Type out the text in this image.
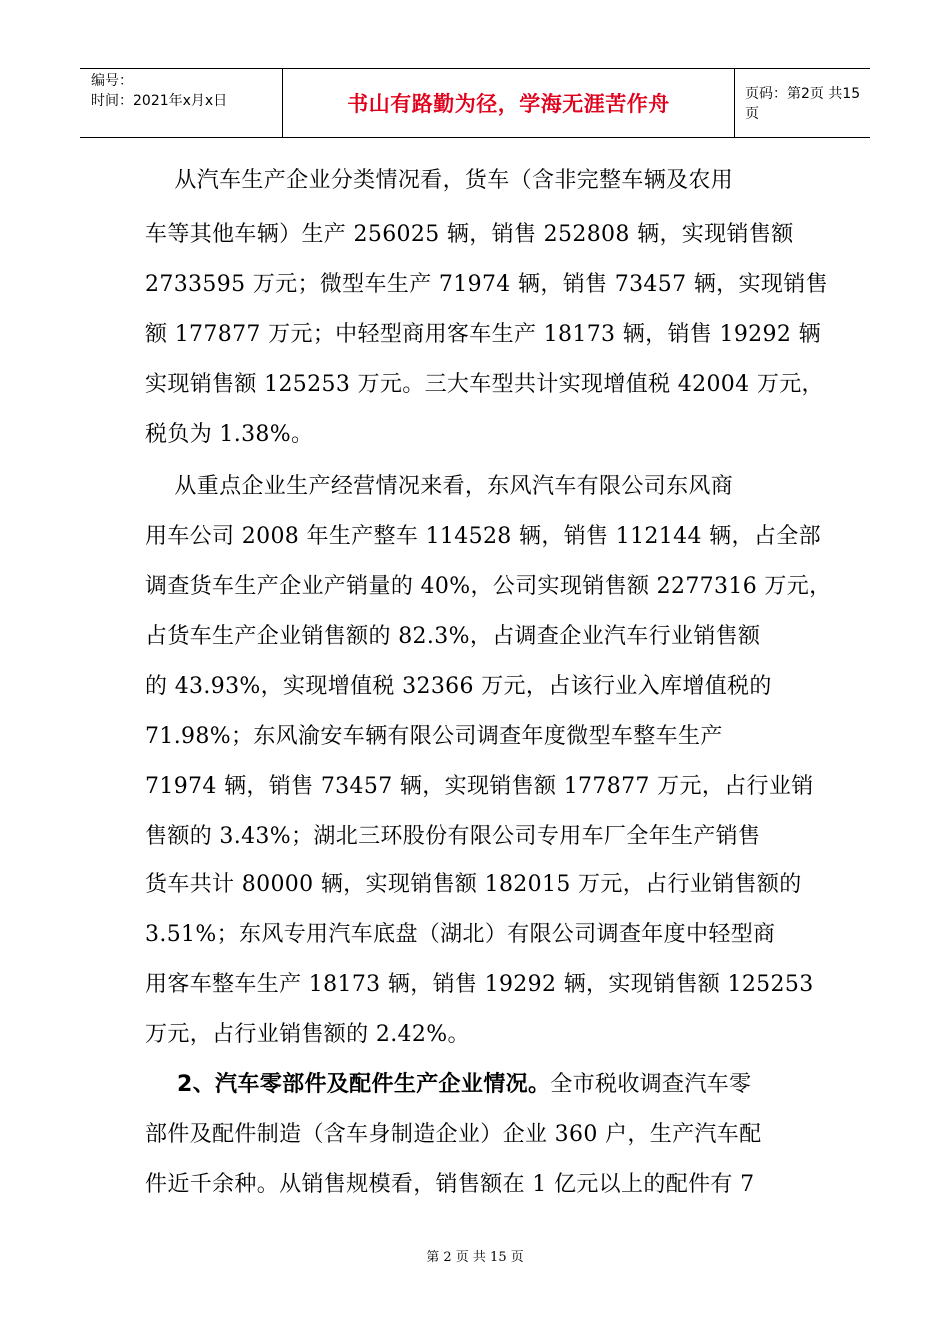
编号：
时间：2021年x月x日	书山有路勤为径，学海无涯苦作舟	页码：第2页 共15页
从汽车生产企业分类情况看，货车（含非完整车辆及农用
车等其他车辆）生产 256025 辆，销售 252808 辆，实现销售额
2733595 万元；微型车生产 71974 辆，销售 73457 辆，实现销售
额 177877 万元；中轻型商用客车生产 18173 辆，销售 19292 辆
实现销售额 125253 万元。三大车型共计实现增值税 42004 万元，
税负为 1.38%。
从重点企业生产经营情况来看，东风汽车有限公司东风商
用车公司 2008 年生产整车 114528 辆，销售 112144 辆，占全部
调查货车生产企业产销量的 40%，公司实现销售额 2277316 万元，
占货车生产企业销售额的 82.3%，占调查企业汽车行业销售额
的 43.93%，实现增值税 32366 万元，占该行业入库增值税的
71.98%；东风渝安车辆有限公司调查年度微型车整车生产
71974 辆，销售 73457 辆，实现销售额 177877 万元，占行业销
售额的 3.43%；湖北三环股份有限公司专用车厂全年生产销售
货车共计 80000 辆，实现销售额 182015 万元，占行业销售额的
3.51%；东风专用汽车底盘（湖北）有限公司调查年度中轻型商
用客车整车生产 18173 辆，销售 19292 辆，实现销售额 125253
万元，占行业销售额的 2.42%。
2、汽车零部件及配件生产企业情况。全市税收调查汽车零
部件及配件制造（含车身制造企业）企业 360 户，生产汽车配
件近千余种。从销售规模看，销售额在 1 亿元以上的配件有 7
第 2 页 共 15 页
